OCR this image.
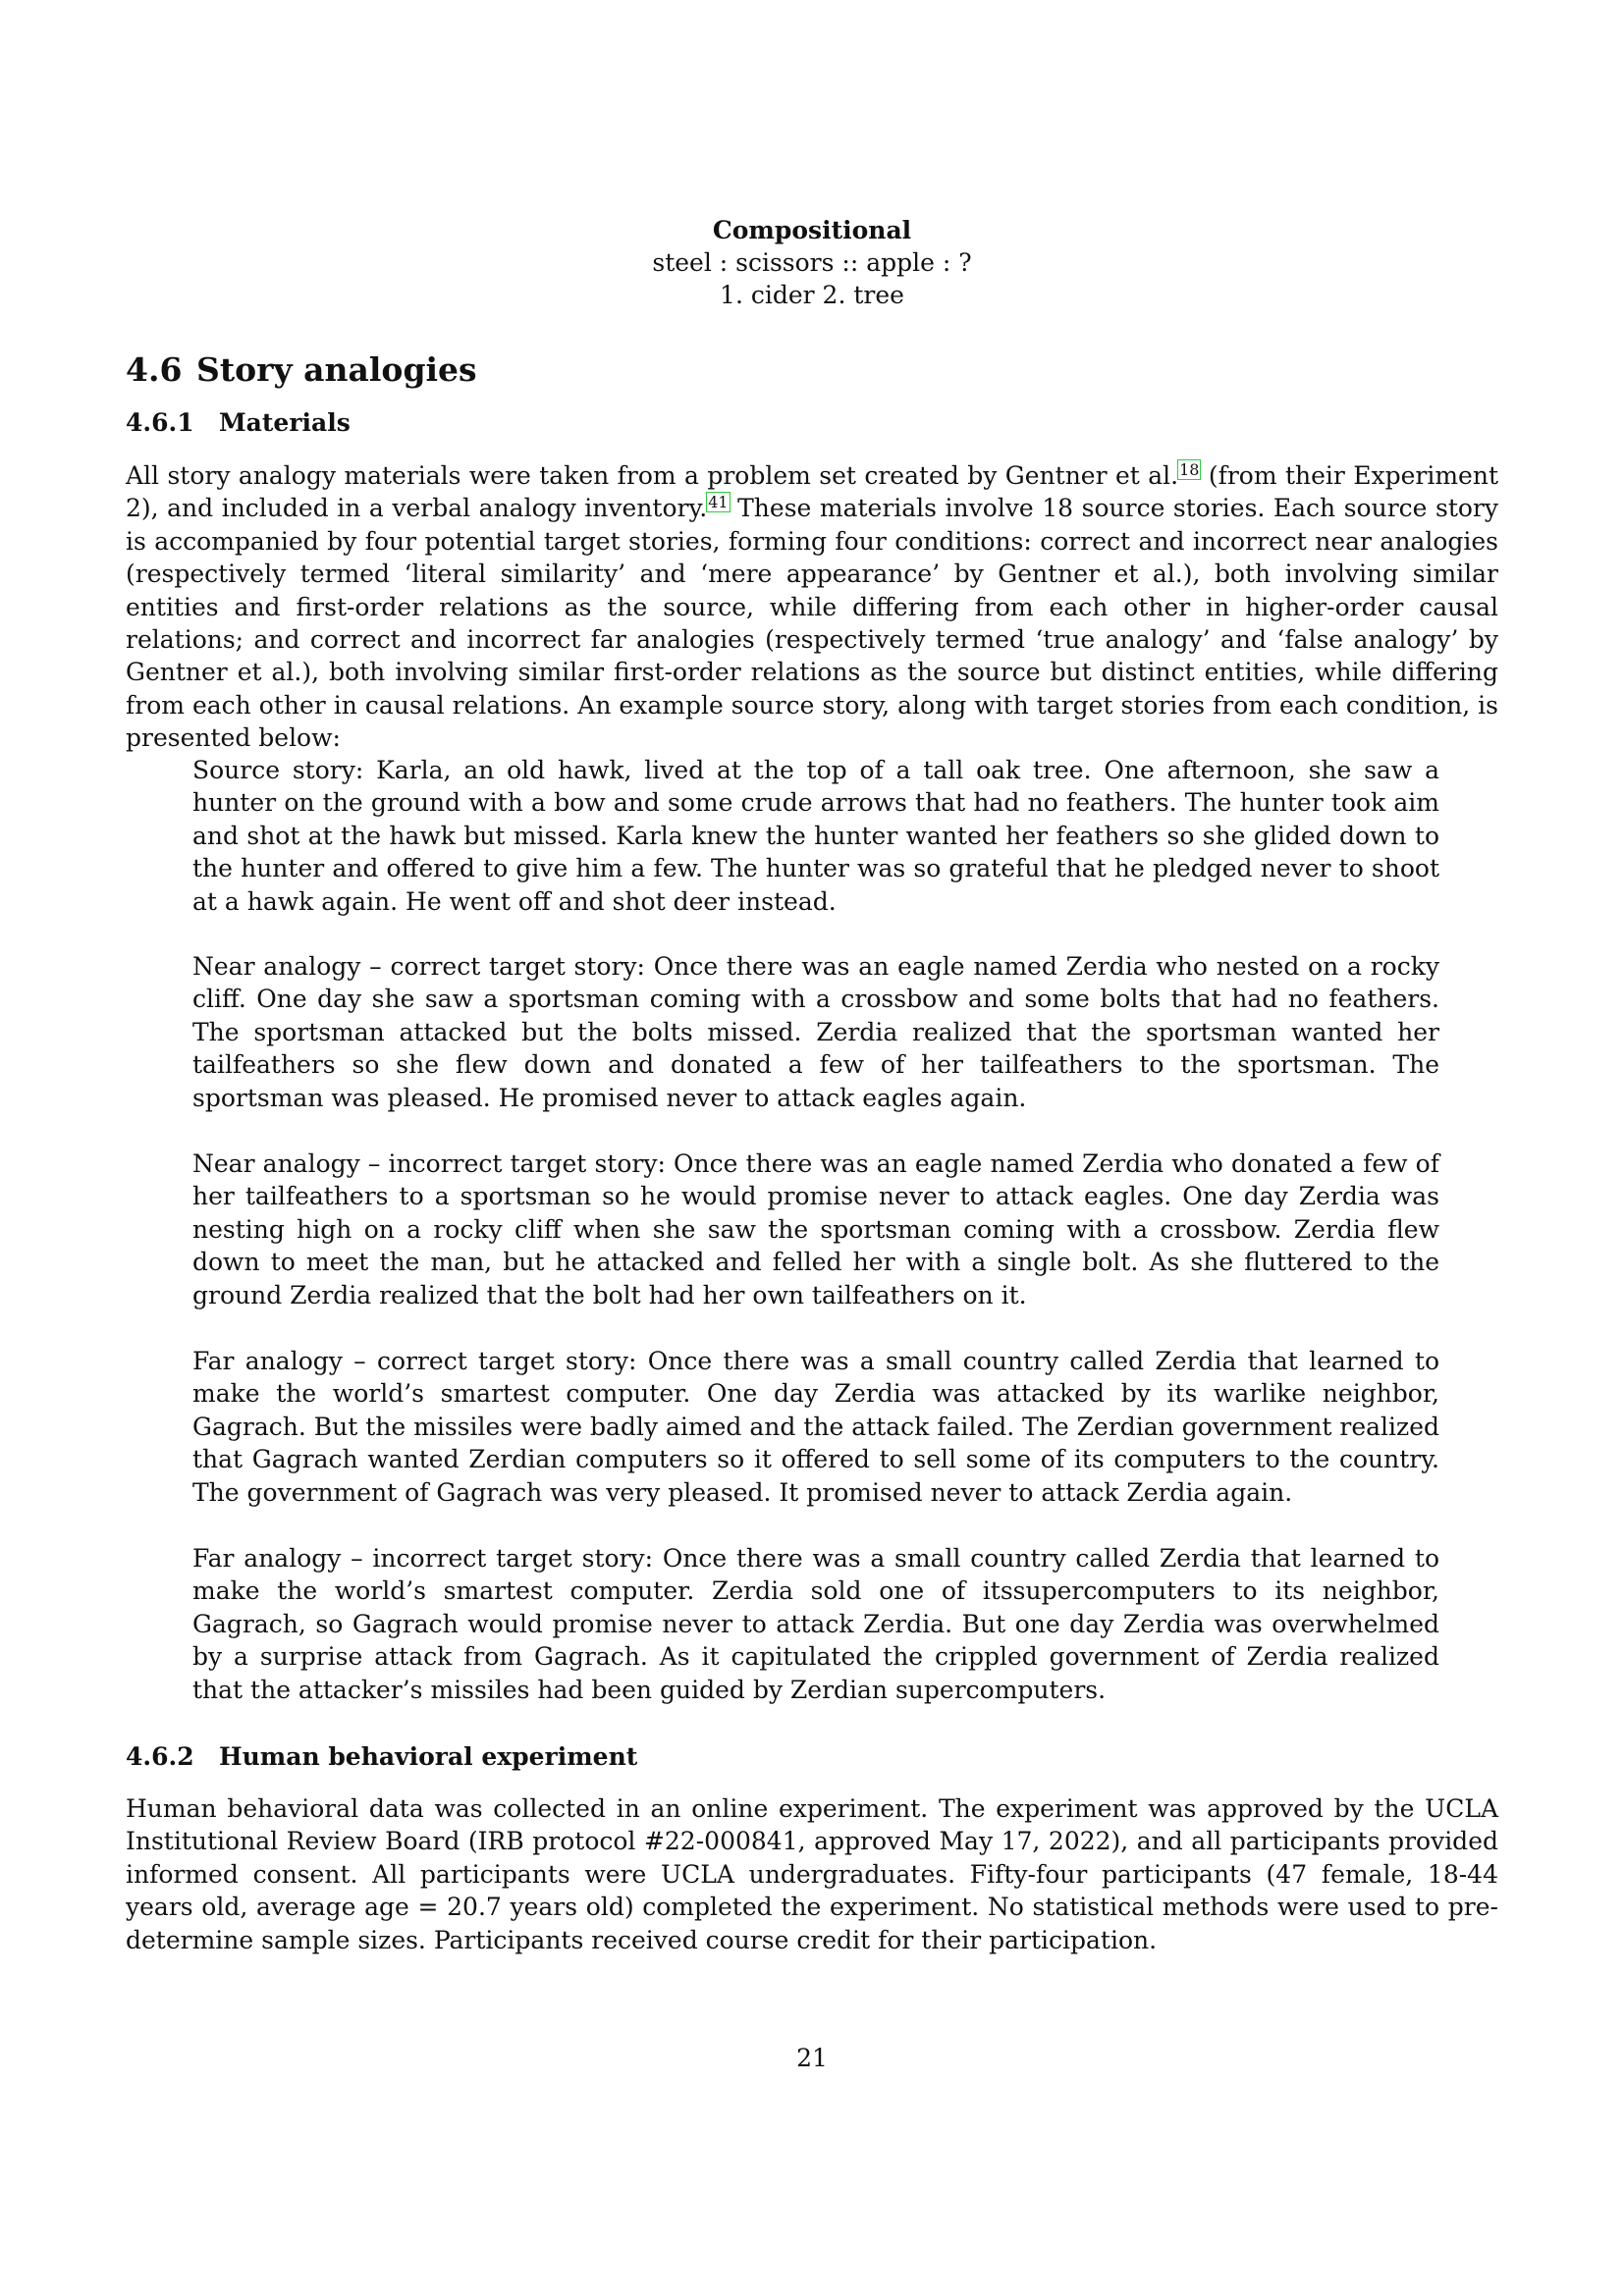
Compositional
steel : scissors :: apple : ?
1. cider 2. tree
4.6 Story analogies
4.6.1 Materials

All story analogy materials were taken from a problem set created by Gentner et al.$^{18}$ (from their Experiment 2), and included in a verbal analogy inventory.$^{41}$ These materials involve 18 source stories. Each source story is accompanied by four potential target stories, forming four conditions: correct and incorrect near analogies (respectively termed ‘literal similarity’ and ‘mere appearance’ by Gentner et al.), both involving similar entities and first-order relations as the source, while differing from each other in higher-order causal relations; and correct and incorrect far analogies (respectively termed ‘true analogy’ and ‘false analogy’ by Gentner et al.), both involving similar first-order relations as the source but distinct entities, while differing from each other in causal relations. An example source story, along with target stories from each condition, is presented below:

Source story: Karla, an old hawk, lived at the top of a tall oak tree. One afternoon, she saw a hunter on the ground with a bow and some crude arrows that had no feathers. The hunter took aim and shot at the hawk but missed. Karla knew the hunter wanted her feathers so she glided down to the hunter and offered to give him a few. The hunter was so grateful that he pledged never to shoot at a hawk again. He went off and shot deer instead.
Near analogy – correct target story: Once there was an eagle named Zerdia who nested on a rocky cliff. One day she saw a sportsman coming with a crossbow and some bolts that had no feathers. The sportsman attacked but the bolts missed. Zerdia realized that the sportsman wanted her tailfeathers so she flew down and donated a few of her tailfeathers to the sportsman. The sportsman was pleased. He promised never to attack eagles again.
Near analogy – incorrect target story: Once there was an eagle named Zerdia who donated a few of her tailfeathers to a sportsman so he would promise never to attack eagles. One day Zerdia was nesting high on a rocky cliff when she saw the sportsman coming with a crossbow. Zerdia flew down to meet the man, but he attacked and felled her with a single bolt. As she fluttered to the ground Zerdia realized that the bolt had her own tailfeathers on it.
Far analogy – correct target story: Once there was a small country called Zerdia that learned to make the world’s smartest computer. One day Zerdia was attacked by its warlike neighbor, Gagrach. But the missiles were badly aimed and the attack failed. The Zerdian government realized that Gagrach wanted Zerdian computers so it offered to sell some of its computers to the country. The government of Gagrach was very pleased. It promised never to attack Zerdia again.
Far analogy – incorrect target story: Once there was a small country called Zerdia that learned to make the world’s smartest computer. Zerdia sold one of itssupercomputers to its neighbor, Gagrach, so Gagrach would promise never to attack Zerdia. But one day Zerdia was overwhelmed by a surprise attack from Gagrach. As it capitulated the crippled government of Zerdia realized that the attacker’s missiles had been guided by Zerdian supercomputers.
4.6.2 Human behavioral experiment

Human behavioral data was collected in an online experiment. The experiment was approved by the UCLA Institutional Review Board (IRB protocol #22-000841, approved May 17, 2022), and all participants provided informed consent. All participants were UCLA undergraduates. Fifty-four participants (47 female, 18-44 years old, average age = 20.7 years old) completed the experiment. No statistical methods were used to pre-determine sample sizes. Participants received course credit for their participation.

21
